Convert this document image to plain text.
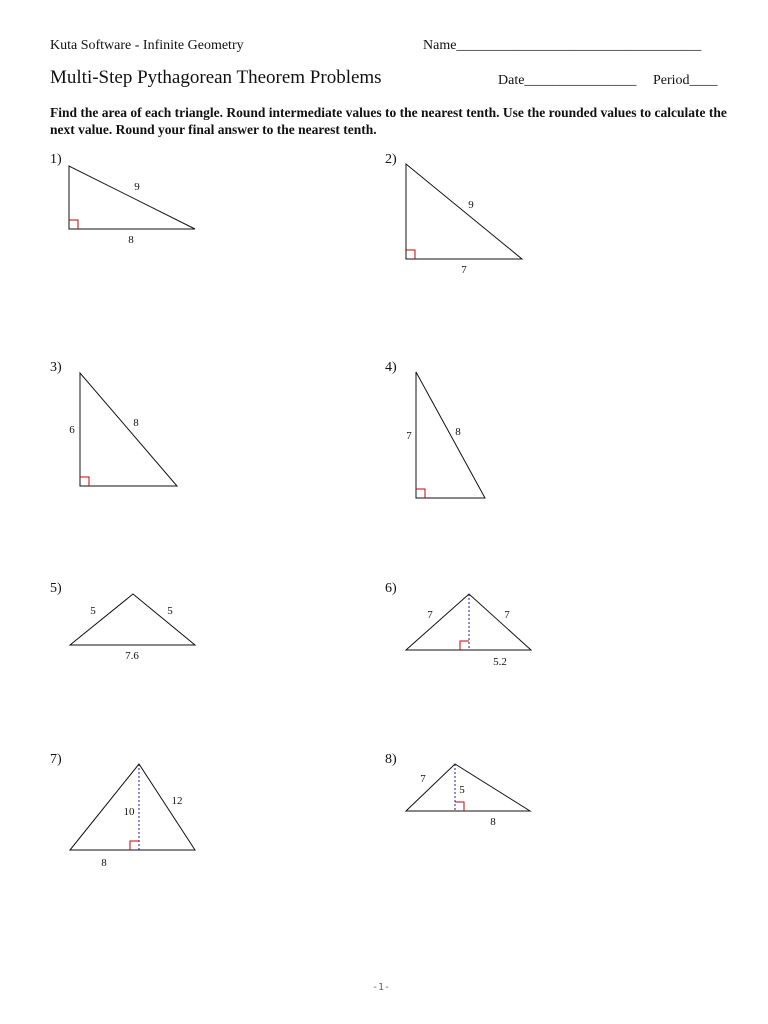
Kuta Software - Infinite Geometry	Name___________________________________
Multi-Step Pythagorean Theorem Problems	Date________________ Period____
Find the area of each triangle. Round intermediate values to the nearest tenth. Use the rounded values to calculate the next value. Round your final answer to the nearest tenth.
1)	2)
3)	4)
5)	6)
7)	8)
9
8
9
7
6
8
7	8
5	5
7.6
7	7
5.2
10
12
8
7
5
8
-1-
